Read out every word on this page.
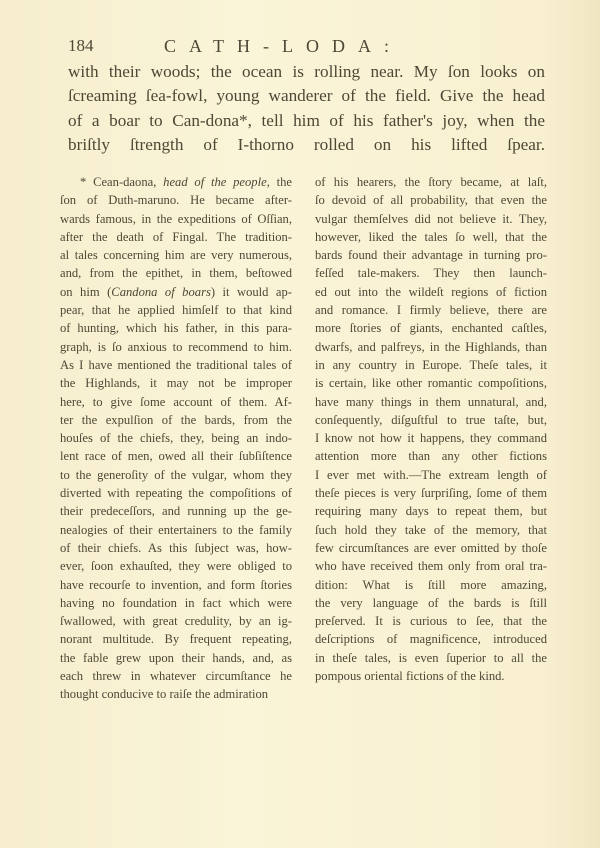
184	CATH-LODA:
with their woods; the ocean is rolling near. My ſon looks on
ſcreaming ſea-fowl, young wanderer of the field. Give the head
of a boar to Can-dona*, tell him of his father's joy, when the
briſtly ſtrength of I-thorno rolled on his lifted ſpear.
* Cean-daona, head of the people, the
ſon of Duth-maruno. He became after-
wards famous, in the expeditions of Oſſian,
after the death of Fingal. The tradition-
al tales concerning him are very numerous,
and, from the epithet, in them, beſtowed
on him (Candona of boars) it would ap-
pear, that he applied himſelf to that kind
of hunting, which his father, in this para-
graph, is ſo anxious to recommend to him.
As I have mentioned the traditional tales of
the Highlands, it may not be improper
here, to give ſome account of them. Af-
ter the expulſion of the bards, from the
houſes of the chiefs, they, being an indo-
lent race of men, owed all their ſubſiſtence
to the generoſity of the vulgar, whom they
diverted with repeating the compoſitions of
their predeceſſors, and running up the ge-
nealogies of their entertainers to the family
of their chiefs. As this ſubject was, how-
ever, ſoon exhauſted, they were obliged to
have recourſe to invention, and form ſtories
having no foundation in fact which were
ſwallowed, with great credulity, by an ig-
norant multitude. By frequent repeating,
the fable grew upon their hands, and, as
each threw in whatever circumſtance he
thought conducive to raiſe the admiration
of his hearers, the ſtory became, at laſt,
ſo devoid of all probability, that even the
vulgar themſelves did not believe it. They,
however, liked the tales ſo well, that the
bards found their advantage in turning pro-
feſſed tale-makers. They then launch-
ed out into the wildeſt regions of fiction
and romance. I firmly believe, there are
more ſtories of giants, enchanted caſtles,
dwarfs, and palfreys, in the Highlands, than
in any country in Europe. Theſe tales, it
is certain, like other romantic compoſitions,
have many things in them unnatural, and,
conſequently, diſguſtful to true taſte, but,
I know not how it happens, they command
attention more than any other fictions
I ever met with.—The extream length of
theſe pieces is very ſurpriſing, ſome of them
requiring many days to repeat them, but
ſuch hold they take of the memory, that
few circumſtances are ever omitted by thoſe
who have received them only from oral tra-
dition: What is ſtill more amazing,
the very language of the bards is ſtill
preſerved. It is curious to ſee, that the
deſcriptions of magnificence, introduced
in theſe tales, is even ſuperior to all the
pompous oriental fictions of the kind.
